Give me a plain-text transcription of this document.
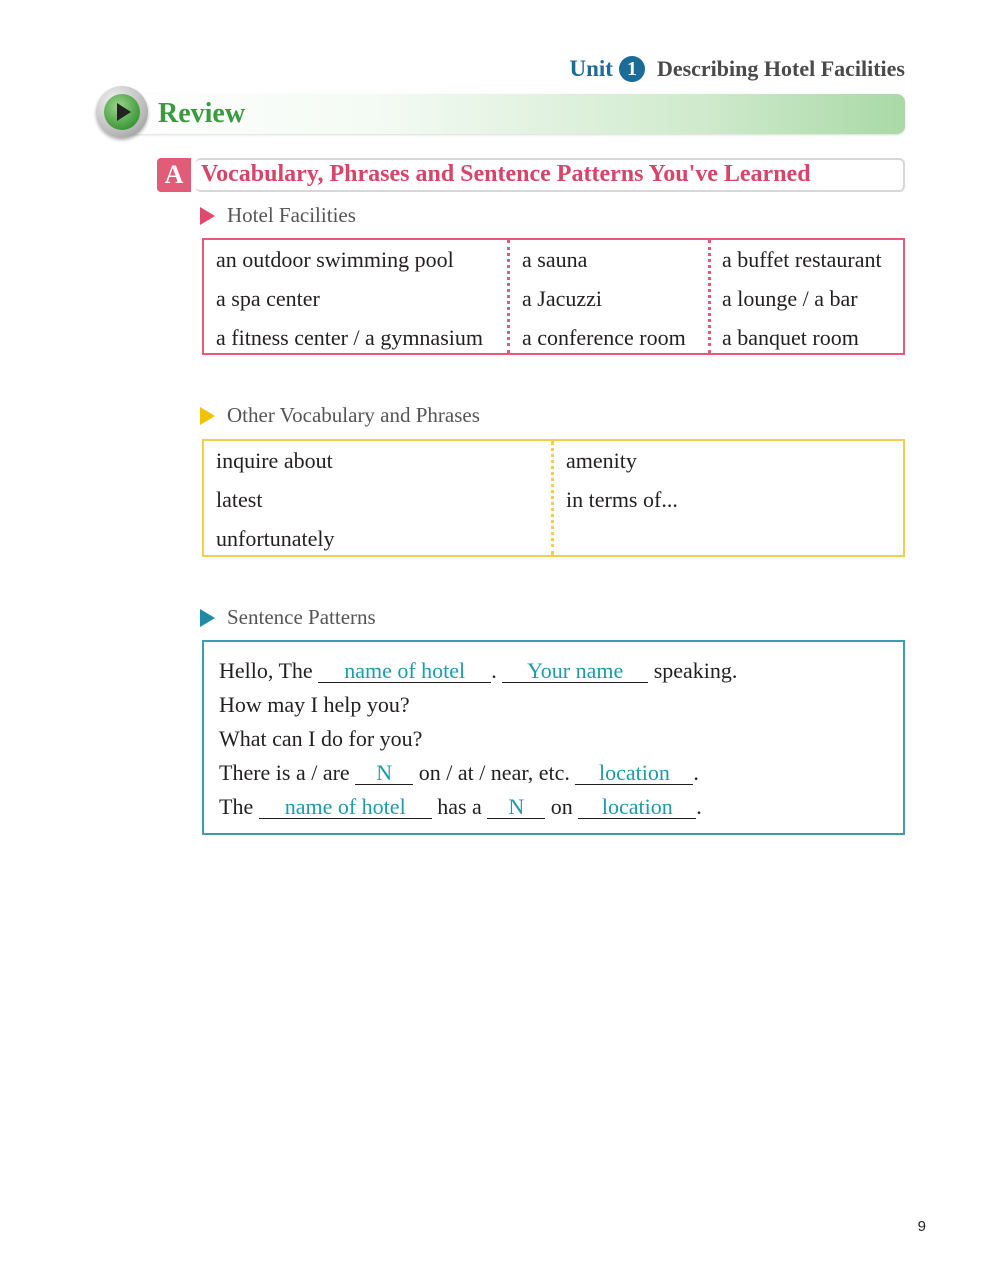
Unit 1 Describing Hotel Facilities
Review
A Vocabulary, Phrases and Sentence Patterns You've Learned
Hotel Facilities
an outdoor swimming pool
a spa center
a fitness center / a gymnasium
a sauna
a Jacuzzi
a conference room
a buffet restaurant
a lounge / a bar
a banquet room
Other Vocabulary and Phrases
inquire about
latest
unfortunately
amenity
in terms of...
Sentence Patterns
Hello, The name of hotel . Your name speaking.
How may I help you?
What can I do for you?
There is a / are N on / at / near, etc. location .
The name of hotel has a N on location .
9
